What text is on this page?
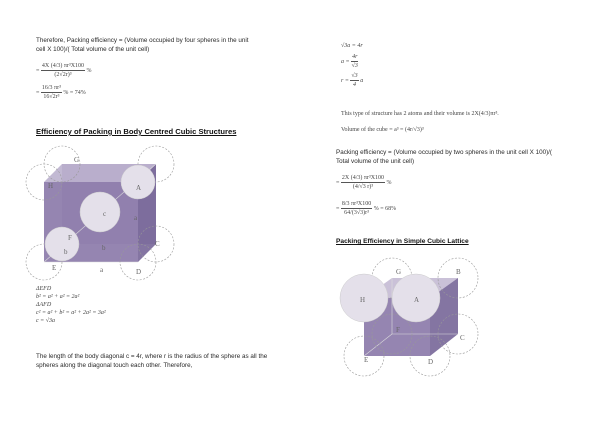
Therefore, Packing efficiency = (Volume occupied by four spheres in the unit cell X 100)/( Total volume of the unit cell)
= $\frac{\text{4X (4/3) πr³X100}}{\text{(2√2r)³}}$ %
= $\frac{\text{16/3 πr³}}{\text{16√2r³}}$ % = 74%
Efficiency of Packing in Body Centred Cubic Structures
G
H	A
c	a
b
F
E	a	D
C
b
ΔEFD
b² = a² + a² = 2a²
ΔAFD
c² = a² + b² = a² + 2a² = 3a²
c = √3a
The length of the body diagonal c = 4r, where r is the radius of the sphere as all the spheres along the diagonal touch each other. Therefore,
√3a = 4r
$a = \frac{4r}{√3}$
$r = \frac{√3}{4}$ a
This type of structure has 2 atoms and their volume is 2X(4/3)πr³.
Volume of the cube = a³ = (4r/√3)³
Packing efficiency = (Volume occupied by two spheres in the unit cell X 100)/( Total volume of the unit cell)
= $\frac{\text{2X (4/3) πr³X100}}{\text{(4/√3 r)³}}$ %
= $\frac{\text{8/3 πr³X100}}{\text{64/(3√3)r³}}$ % = 68%
Packing Efficiency in Simple Cubic Lattice
G	B
H	A
F
C
E	D
